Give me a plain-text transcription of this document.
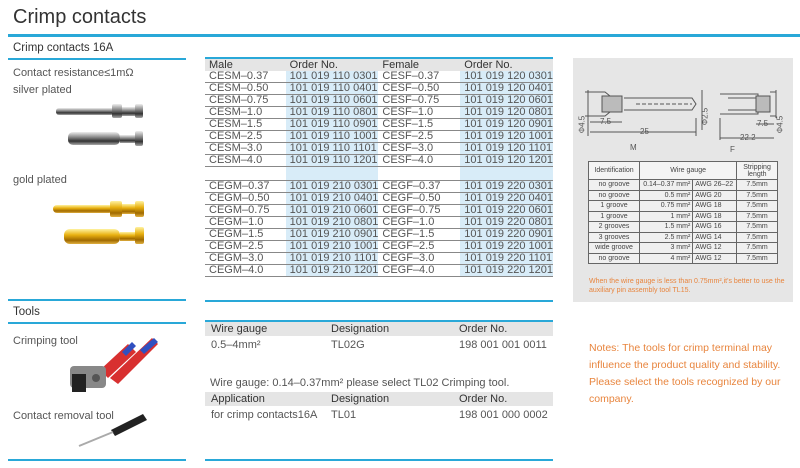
Crimp contacts
Crimp contacts 16A
Contact resistance≤1mΩ
silver plated
gold plated
Male	Order No.	Female	Order No.
CESM–0.37	101 019 110 0301	CESF–0.37	101 019 120 0301
CESM–0.50	101 019 110 0401	CESF–0.50	101 019 120 0401
CESM–0.75	101 019 110 0601	CESF–0.75	101 019 120 0601
CESM–1.0	101 019 110 0801	CESF–1.0	101 019 120 0801
CESM–1.5	101 019 110 0901	CESF–1.5	101 019 120 0901
CESM–2.5	101 019 110 1001	CESF–2.5	101 019 120 1001
CESM–3.0	101 019 110 1101	CESF–3.0	101 019 120 1101
CESM–4.0	101 019 110 1201	CESF–4.0	101 019 120 1201

CEGM–0.37	101 019 210 0301	CEGF–0.37	101 019 220 0301
CEGM–0.50	101 019 210 0401	CEGF–0.50	101 019 220 0401
CEGM–0.75	101 019 210 0601	CEGF–0.75	101 019 220 0601
CEGM–1.0	101 019 210 0801	CEGF–1.0	101 019 220 0801
CEGM–1.5	101 019 210 0901	CEGF–1.5	101 019 220 0901
CEGM–2.5	101 019 210 1001	CEGF–2.5	101 019 220 1001
CEGM–3.0	101 019 210 1101	CEGF–3.0	101 019 220 1101
CEGM–4.0	101 019 210 1201	CEGF–4.0	101 019 220 1201
Φ4.5 7.5
25
Φ2.5
22.2
7.5 Φ4.5
M	F
Identification	Wire gauge		Stripping length
no groove	0.14–0.37 mm²	AWG 26–22	7.5mm
no groove	0.5 mm²	AWG 20	7.5mm
1 groove	0.75 mm²	AWG 18	7.5mm
1 groove	1 mm²	AWG 18	7.5mm
2 grooves	1.5 mm²	AWG 16	7.5mm
3 grooves	2.5 mm²	AWG 14	7.5mm
wide groove	3 mm²	AWG 12	7.5mm
no groove	4 mm²	AWG 12	7.5mm
When the wire gauge is less than 0.75mm²,it's better to use the auxiliary pin assembly tool TL15.
Tools
Crimping tool
Contact removal tool
Wire gauge	Designation	Order No.
0.5–4mm²	TL02G	198 001 001 0011
Wire gauge: 0.14–0.37mm² please select TL02 Crimping tool.
Application	Designation	Order No.
for crimp contacts16A	TL01	198 001 000 0002
Notes: The tools for crimp terminal may influence the product quality and stability. Please select the tools recognized by our company.
